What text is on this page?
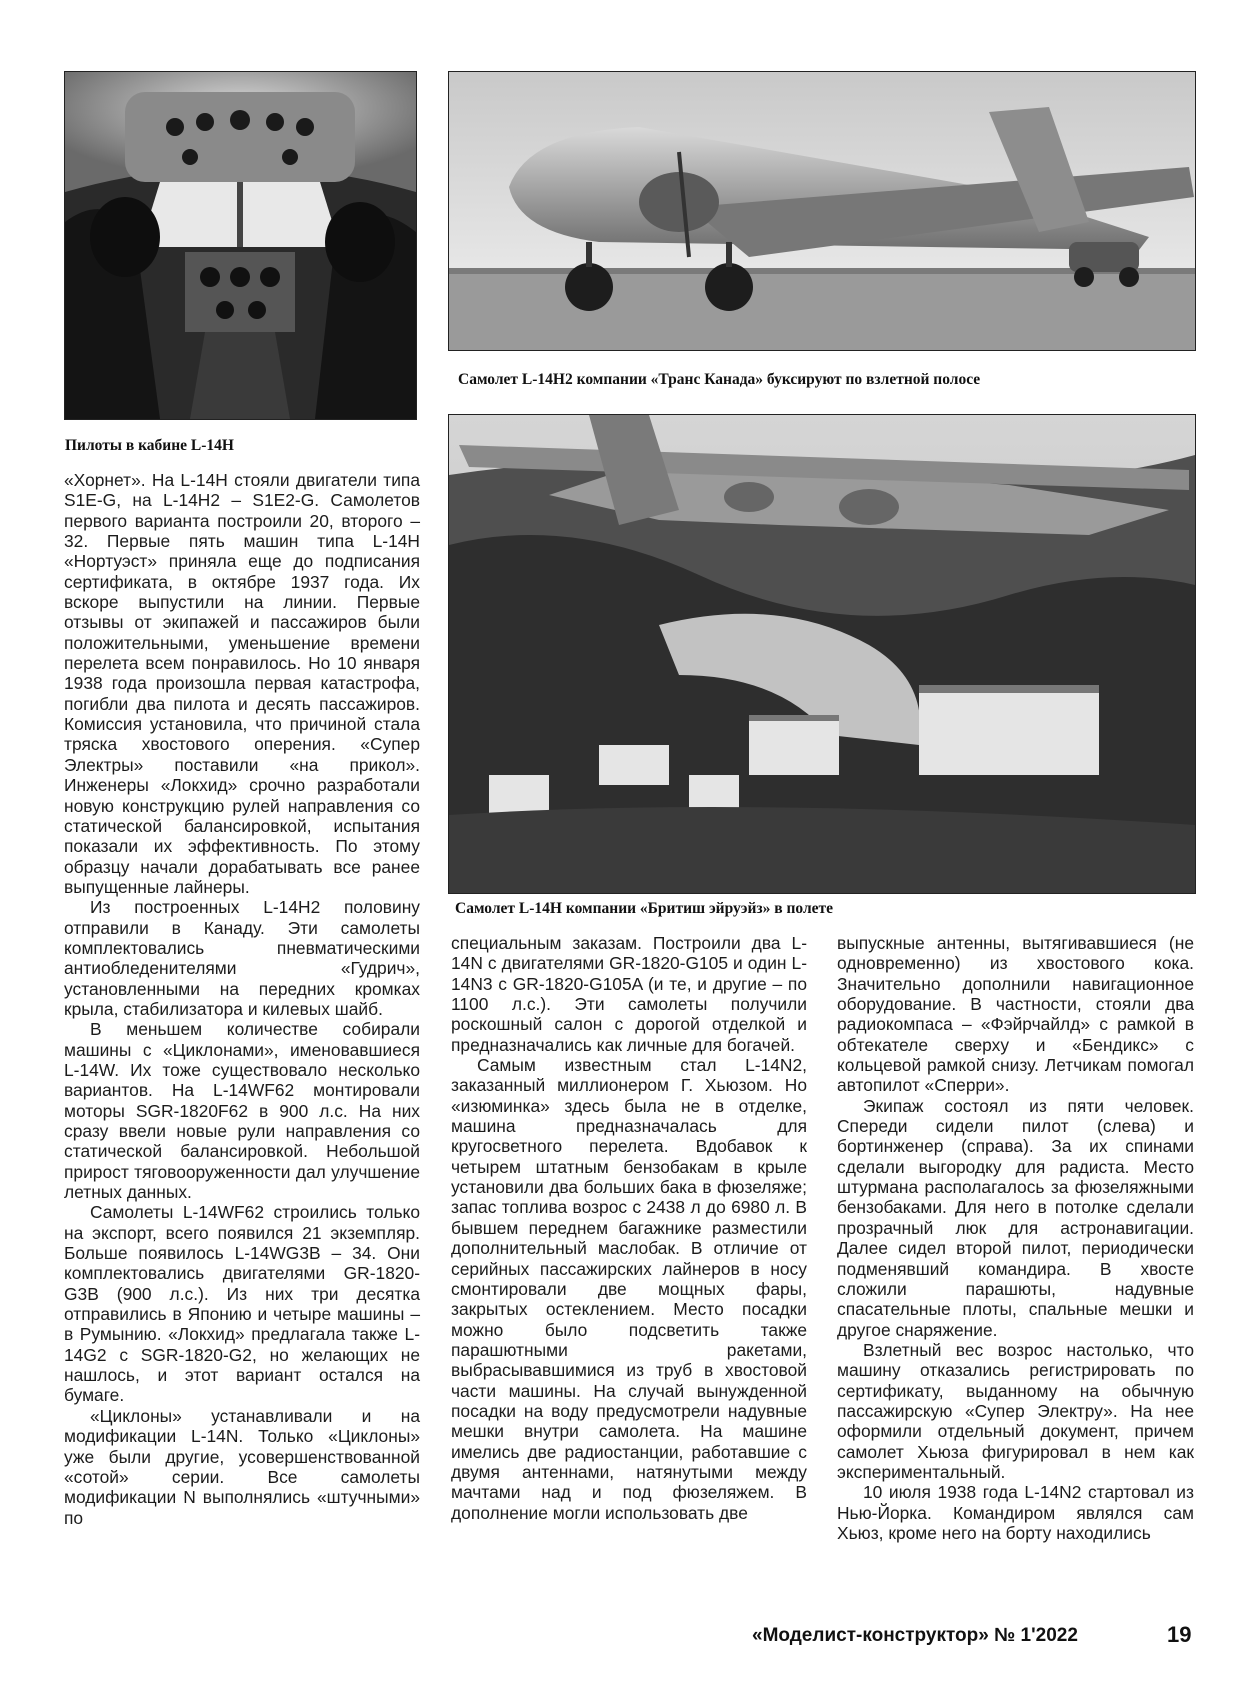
Пилоты в кабине L-14H
Самолет L-14H2 компании «Транс Канада» буксируют по взлетной полосе
Самолет L-14H компании «Бритиш эйруэйз» в полете

«Хорнет». На L-14H стояли двигатели типа S1E-G, на L-14H2 – S1E2-G. Самолетов первого варианта построили 20, второго – 32. Первые пять машин типа L-14H «Нортуэст» приняла еще до подписания сертификата, в октябре 1937 года. Их вскоре выпустили на линии. Первые отзывы от экипажей и пассажиров были положительными, уменьшение времени перелета всем понравилось. Но 10 января 1938 года произошла первая катастрофа, погибли два пилота и десять пассажиров. Комиссия установила, что причиной стала тряска хвостового оперения. «Супер Электры» поставили «на прикол». Инженеры «Локхид» срочно разработали новую конструкцию рулей направления со статической балансировкой, испытания показали их эффективность. По этому образцу начали дорабатывать все ранее выпущенные лайнеры.

Из построенных L-14H2 половину отправили в Канаду. Эти самолеты комплектовались пневматическими антиобледенителями «Гудрич», установленными на передних кромках крыла, стабилизатора и килевых шайб.

В меньшем количестве собирали машины с «Циклонами», именовавшиеся L-14W. Их тоже существовало несколько вариантов. На L-14WF62 монтировали моторы SGR-1820F62 в 900 л.с. На них сразу ввели новые рули направления со статической балансировкой. Небольшой прирост тяговооруженности дал улучшение летных данных.

Самолеты L-14WF62 строились только на экспорт, всего появился 21 экземпляр. Больше появилось L-14WG3B – 34. Они комплектовались двигателями GR-1820-G3B (900 л.с.). Из них три десятка отправились в Японию и четыре машины – в Румынию. «Локхид» предлагала также L-14G2 с SGR-1820-G2, но желающих не нашлось, и этот вариант остался на бумаге.

«Циклоны» устанавливали и на модификации L-14N. Только «Циклоны» уже были другие, усовершенствованной «сотой» серии. Все самолеты модификации N выполнялись «штучными» по

специальным заказам. Построили два L-14N с двигателями GR-1820-G105 и один L-14N3 с GR-1820-G105A (и те, и другие – по 1100 л.с.). Эти самолеты получили роскошный салон с дорогой отделкой и предназначались как личные для богачей.

Самым известным стал L-14N2, заказанный миллионером Г. Хьюзом. Но «изюминка» здесь была не в отделке, машина предназначалась для кругосветного перелета. Вдобавок к четырем штатным бензобакам в крыле установили два больших бака в фюзеляже; запас топлива возрос с 2438 л до 6980 л. В бывшем переднем багажнике разместили дополнительный маслобак. В отличие от серийных пассажирских лайнеров в носу смонтировали две мощных фары, закрытых остеклением. Место посадки можно было подсветить также парашютными ракетами, выбрасывавшимися из труб в хвостовой части машины. На случай вынужденной посадки на воду предусмотрели надувные мешки внутри самолета. На машине имелись две радиостанции, работавшие с двумя антеннами, натянутыми между мачтами над и под фюзеляжем. В дополнение могли использовать две

выпускные антенны, вытягивавшиеся (не одновременно) из хвостового кока. Значительно дополнили навигационное оборудование. В частности, стояли два радиокомпаса – «Фэйрчайлд» с рамкой в обтекателе сверху и «Бендикс» с кольцевой рамкой снизу. Летчикам помогал автопилот «Сперри».

Экипаж состоял из пяти человек. Спереди сидели пилот (слева) и бортинженер (справа). За их спинами сделали выгородку для радиста. Место штурмана располагалось за фюзеляжными бензобаками. Для него в потолке сделали прозрачный люк для астронавигации. Далее сидел второй пилот, периодически подменявший командира. В хвосте сложили парашюты, надувные спасательные плоты, спальные мешки и другое снаряжение.

Взлетный вес возрос настолько, что машину отказались регистрировать по сертификату, выданному на обычную пассажирскую «Супер Электру». На нее оформили отдельный документ, причем самолет Хьюза фигурировал в нем как экспериментальный.

10 июля 1938 года L-14N2 стартовал из Нью-Йорка. Командиром являлся сам Хьюз, кроме него на борту находились

«Моделист-конструктор» № 1'2022	19
